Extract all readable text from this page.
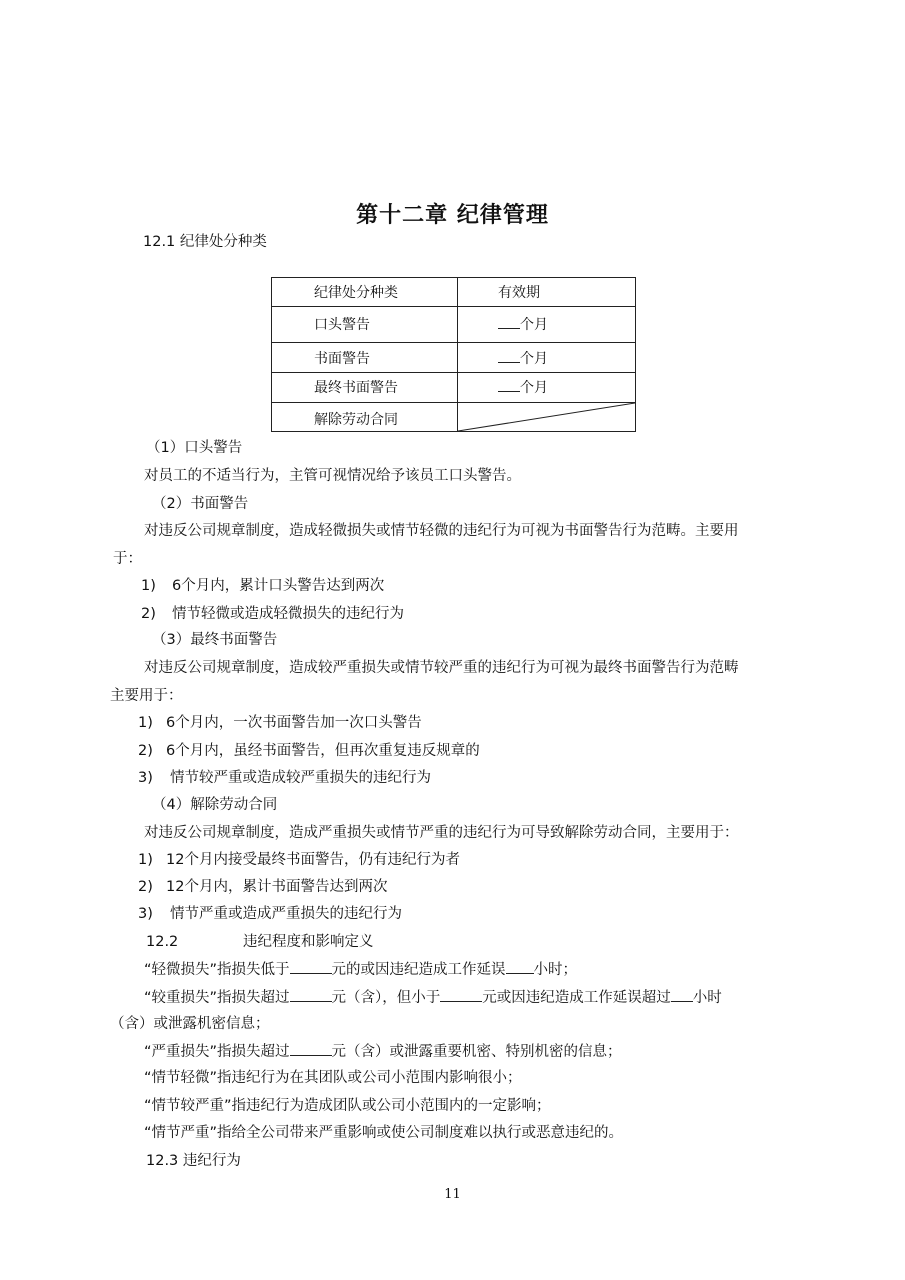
第十二章 纪律管理
12.1 纪律处分种类
纪律处分种类	有效期
口头警告	个月
书面警告	个月
最终书面警告	个月
解除劳动合同	
（1）口头警告
对员工的不适当行为，主管可视情况给予该员工口头警告。
（2）书面警告
对违反公司规章制度，造成轻微损失或情节轻微的违纪行为可视为书面警告行为范畴。主要用
于：
1) 6个月内，累计口头警告达到两次
2) 情节轻微或造成轻微损失的违纪行为
（3）最终书面警告
对违反公司规章制度，造成较严重损失或情节较严重的违纪行为可视为最终书面警告行为范畴
主要用于：
1) 6个月内，一次书面警告加一次口头警告
2) 6个月内，虽经书面警告，但再次重复违反规章的
3) 情节较严重或造成较严重损失的违纪行为
（4）解除劳动合同
对违反公司规章制度，造成严重损失或情节严重的违纪行为可导致解除劳动合同，主要用于：
1) 12个月内接受最终书面警告，仍有违纪行为者
2) 12个月内，累计书面警告达到两次
3) 情节严重或造成严重损失的违纪行为
12.2	违纪程度和影响定义
“轻微损失”指损失低于	元的或因违纪造成工作延误 小时；
“较重损失”指损失超过	元（含），但小于	元或因违纪造成工作延误超过 小时
（含）或泄露机密信息；
“严重损失”指损失超过	元（含）或泄露重要机密、特别机密的信息；
“情节轻微”指违纪行为在其团队或公司小范围内影响很小；
“情节较严重”指违纪行为造成团队或公司小范围内的一定影响；
“情节严重”指给全公司带来严重影响或使公司制度难以执行或恶意违纪的。
12.3 违纪行为
11
